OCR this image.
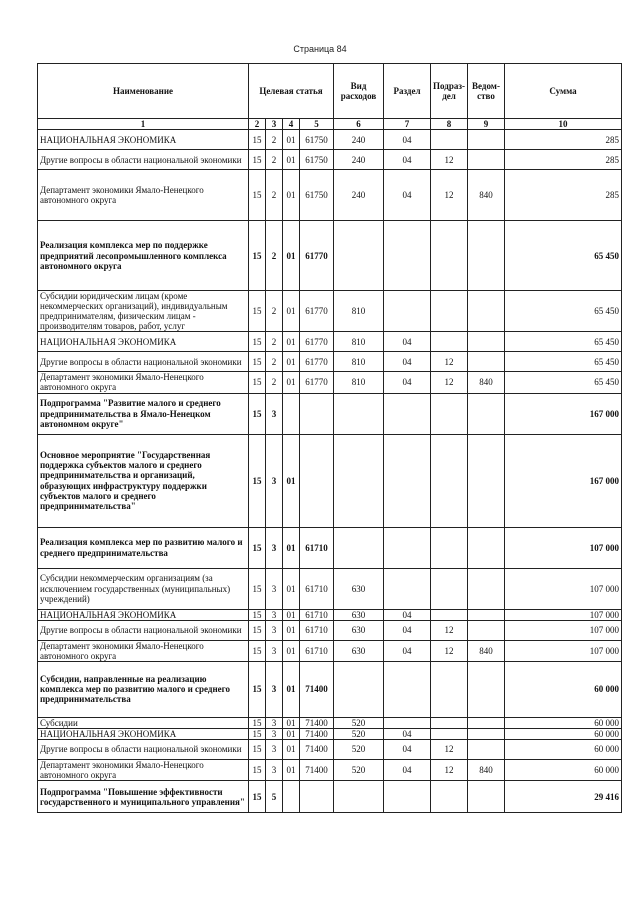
Страница 84
Наименование	Целевая статья				Вид расходов	Раздел	Подраз-дел	Ведом-ство	Сумма
1	2	3	4	5	6	7	8	9	10
НАЦИОНАЛЬНАЯ ЭКОНОМИКА	15	2	01	61750	240	04			285
Другие вопросы в области национальной экономики	15	2	01	61750	240	04	12		285
Департамент экономики Ямало-Ненецкого автономного округа	15	2	01	61750	240	04	12	840	285
Реализация комплекса мер по поддержке предприятий лесопромышленного комплекса автономного округа	15	2	01	61770					65 450
Субсидии юридическим лицам (кроме некоммерческих организаций), индивидуальным предпринимателям, физическим лицам - производителям товаров, работ, услуг	15	2	01	61770	810				65 450
НАЦИОНАЛЬНАЯ ЭКОНОМИКА	15	2	01	61770	810	04			65 450
Другие вопросы в области национальной экономики	15	2	01	61770	810	04	12		65 450
Департамент экономики Ямало-Ненецкого автономного округа	15	2	01	61770	810	04	12	840	65 450
Подпрограмма "Развитие малого и среднего предпринимательства в Ямало-Ненецком автономном округе"	15	3							167 000
Основное мероприятие "Государственная поддержка субъектов малого и среднего предпринимательства и организаций, образующих инфраструктуру поддержки субъектов малого и среднего предпринимательства"	15	3	01						167 000
Реализация комплекса мер по развитию малого и среднего предпринимательства	15	3	01	61710					107 000
Субсидии некоммерческим организациям (за исключением государственных (муниципальных) учреждений)	15	3	01	61710	630				107 000
НАЦИОНАЛЬНАЯ ЭКОНОМИКА	15	3	01	61710	630	04			107 000
Другие вопросы в области национальной экономики	15	3	01	61710	630	04	12		107 000
Департамент экономики Ямало-Ненецкого автономного округа	15	3	01	61710	630	04	12	840	107 000
Субсидии, направленные на реализацию комплекса мер по развитию малого и среднего предпринимательства	15	3	01	71400					60 000
Субсидии	15	3	01	71400	520				60 000
НАЦИОНАЛЬНАЯ ЭКОНОМИКА	15	3	01	71400	520	04			60 000
Другие вопросы в области национальной экономики	15	3	01	71400	520	04	12		60 000
Департамент экономики Ямало-Ненецкого автономного округа	15	3	01	71400	520	04	12	840	60 000
Подпрограмма "Повышение эффективности государственного и муниципального управления"	15	5							29 416
